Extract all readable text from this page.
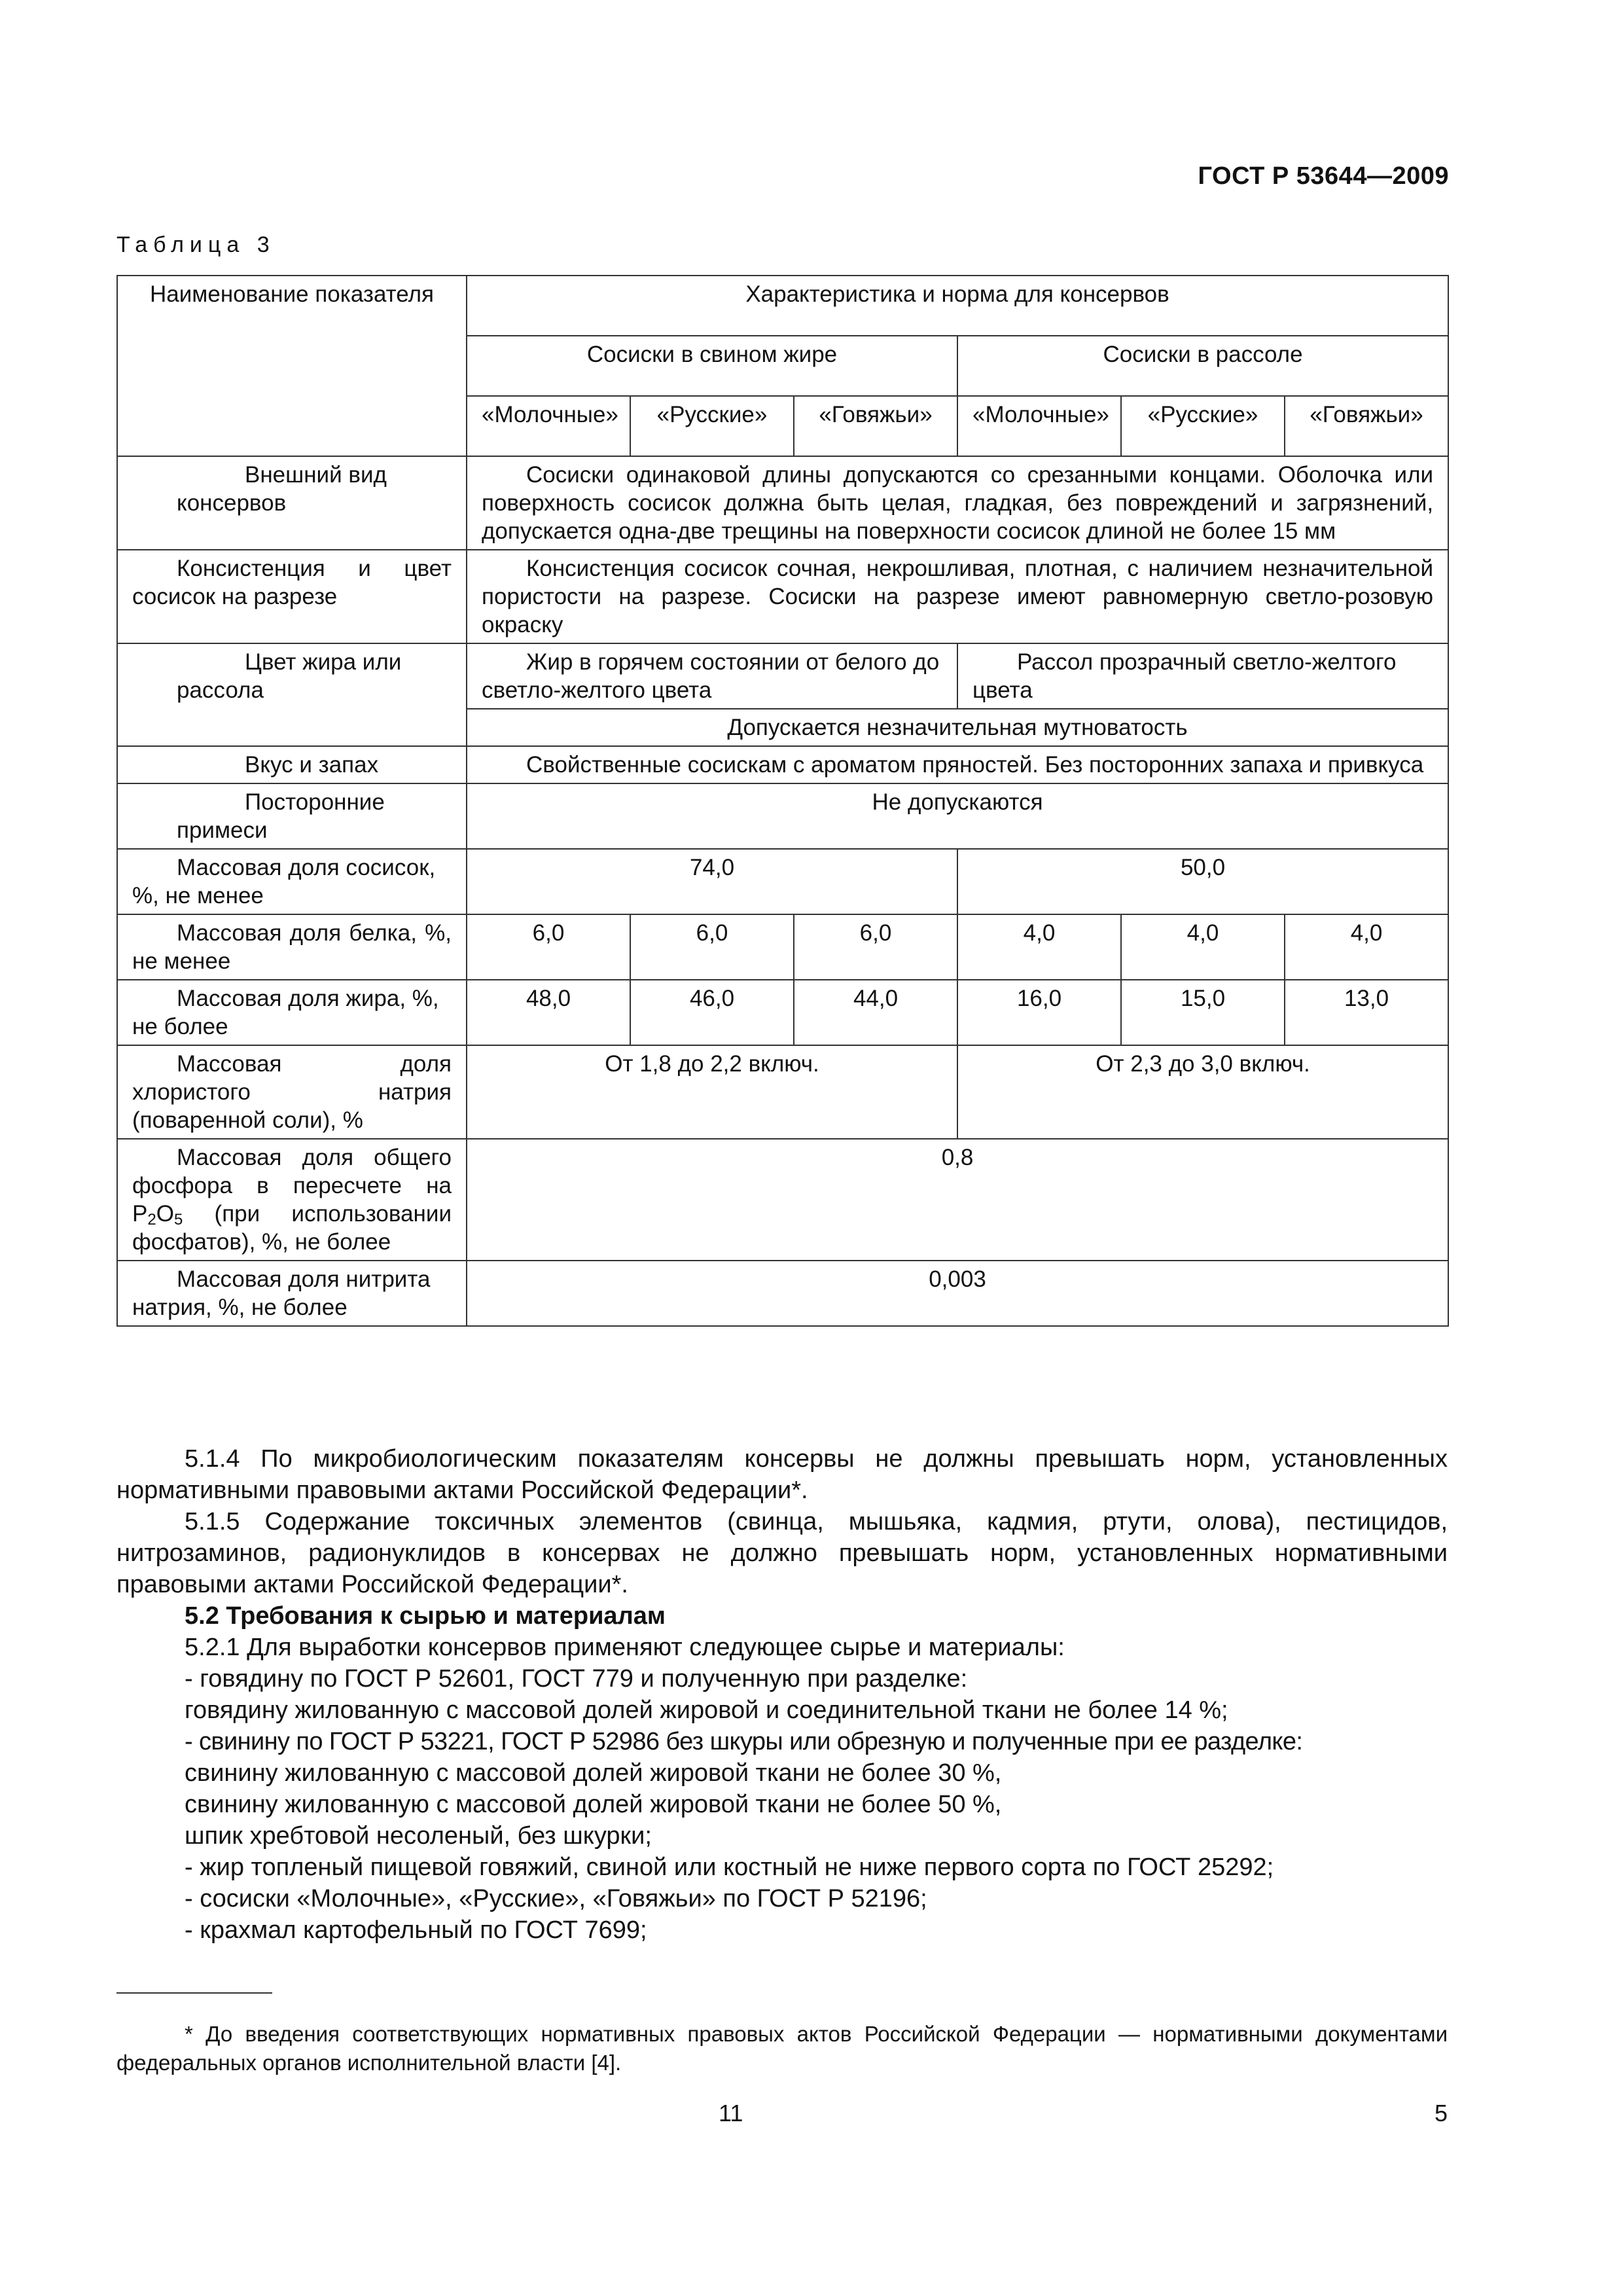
ГОСТ Р 53644—2009
Таблица 3
Наименование показателя	Характеристика и норма для консервов					
	Сосиски в свином жире			Сосиски в рассоле		
	«Молочные»	«Русские»	«Говяжьи»	«Молочные»	«Русские»	«Говяжьи»

Внешний вид консервов	Сосиски одинаковой длины допускаются со срезанными концами. Оболочка или поверхность сосисок должна быть целая, гладкая, без повреждений и загрязнений, допускается одна-две трещины на поверхности сосисок длиной не более 15 мм					

Консистенция и цвет сосисок на разрезе	Консистенция сосисок сочная, некрошливая, плотная, с наличием незначительной пористости на разрезе. Сосиски на разрезе имеют равномерную светло-розовую окраску					

Цвет жира или рассола	Жир в горячем состоянии от белого до светло-желтого цвета			Рассол прозрачный светло-желтого цвета		
	Допускается незначительная мутноватость					

Вкус и запах	Свойственные сосискам с ароматом пряностей. Без посторонних запаха и привкуса					

Посторонние примеси	Не допускаются					

Массовая доля сосисок, %, не менее	74,0			50,0		

Массовая доля белка, %, не менее	6,0	6,0	6,0	4,0	4,0	4,0

Массовая доля жира, %, не более	48,0	46,0	44,0	16,0	15,0	13,0

Массовая доля хлористого натрия (поваренной соли), %	От 1,8 до 2,2 включ.			От 2,3 до 3,0 включ.		

Массовая доля общего фосфора в пересчете на $P_2O_5$ (при использовании фосфатов), %, не более	0,8					

Массовая доля нитрита натрия, %, не более	0,003					

5.1.4 По микробиологическим показателям консервы не должны превышать норм, установленных нормативными правовыми актами Российской Федерации*.

5.1.5 Содержание токсичных элементов (свинца, мышьяка, кадмия, ртути, олова), пестицидов, нитрозаминов, радионуклидов в консервах не должно превышать норм, установленных нормативными правовыми актами Российской Федерации*.

5.2 Требования к сырью и материалам

5.2.1 Для выработки консервов применяют следующее сырье и материалы:

- говядину по ГОСТ Р 52601, ГОСТ 779 и полученную при разделке:

говядину жилованную с массовой долей жировой и соединительной ткани не более 14 %;

- свинину по ГОСТ Р 53221, ГОСТ Р 52986 без шкуры или обрезную и полученные при ее разделке:

свинину жилованную с массовой долей жировой ткани не более 30 %,

свинину жилованную с массовой долей жировой ткани не более 50 %,

шпик хребтовой несоленый, без шкурки;

- жир топленый пищевой говяжий, свиной или костный не ниже первого сорта по ГОСТ 25292;

- сосиски «Молочные», «Русские», «Говяжьи» по ГОСТ Р 52196;

- крахмал картофельный по ГОСТ 7699;

* До введения соответствующих нормативных правовых актов Российской Федерации — нормативными документами федеральных органов исполнительной власти [4].
11	5
